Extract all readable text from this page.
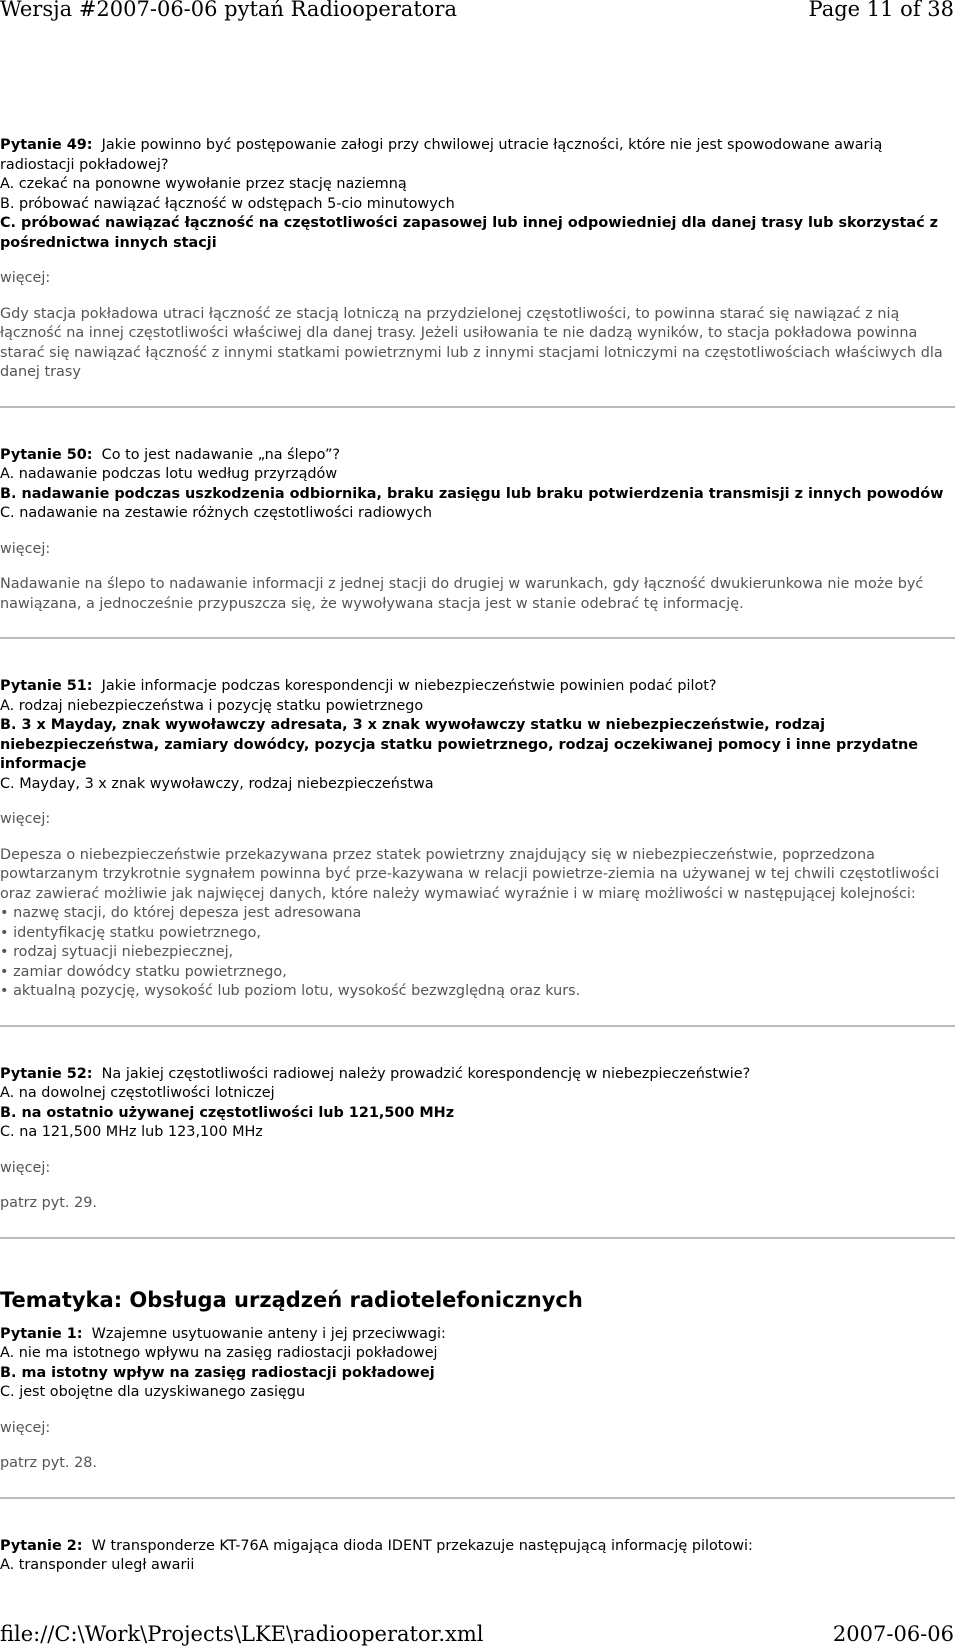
Wersja #2007-06-06 pytań Radiooperatora	Page 11 of 38
Pytanie 49: Jakie powinno być postępowanie załogi przy chwilowej utracie łączności, które nie jest spowodowane awarią radiostacji pokładowej?
A. czekać na ponowne wywołanie przez stację naziemną
B. próbować nawiązać łączność w odstępach 5-cio minutowych
C. próbować nawiązać łączność na częstotliwości zapasowej lub innej odpowiedniej dla danej trasy lub skorzystać z pośrednictwa innych stacji
więcej:

Gdy stacja pokładowa utraci łączność ze stacją lotniczą na przydzielonej częstotliwości, to powinna starać się nawiązać z nią łączność na innej częstotliwości właściwej dla danej trasy. Jeżeli usiłowania te nie dadzą wyników, to stacja pokładowa powinna starać się nawiązać łączność z innymi statkami powietrznymi lub z innymi stacjami lotniczymi na częstotliwościach właściwych dla danej trasy

Pytanie 50: Co to jest nadawanie „na ślepo”?
A. nadawanie podczas lotu według przyrządów
B. nadawanie podczas uszkodzenia odbiornika, braku zasięgu lub braku potwierdzenia transmisji z innych powodów
C. nadawanie na zestawie różnych częstotliwości radiowych
więcej:

Nadawanie na ślepo to nadawanie informacji z jednej stacji do drugiej w warunkach, gdy łączność dwukierunkowa nie może być nawiązana, a jednocześnie przypuszcza się, że wywoływana stacja jest w stanie odebrać tę informację.

Pytanie 51: Jakie informacje podczas korespondencji w niebezpieczeństwie powinien podać pilot?
A. rodzaj niebezpieczeństwa i pozycję statku powietrznego
B. 3 x Mayday, znak wywoławczy adresata, 3 x znak wywoławczy statku w niebezpieczeństwie, rodzaj niebezpieczeństwa, zamiary dowódcy, pozycja statku powietrznego, rodzaj oczekiwanej pomocy i inne przydatne informacje
C. Mayday, 3 x znak wywoławczy, rodzaj niebezpieczeństwa
więcej:

Depesza o niebezpieczeństwie przekazywana przez statek powietrzny znajdujący się w niebezpieczeństwie, poprzedzona powtarzanym trzykrotnie sygnałem powinna być prze-kazywana w relacji powietrze-ziemia na używanej w tej chwili częstotliwości oraz zawierać możliwie jak najwięcej danych, które należy wymawiać wyraźnie i w miarę możliwości w następującej kolejności:

• nazwę stacji, do której depesza jest adresowana
• identyfikację statku powietrznego,
• rodzaj sytuacji niebezpiecznej,
• zamiar dowódcy statku powietrznego,
• aktualną pozycję, wysokość lub poziom lotu, wysokość bezwzględną oraz kurs.
Pytanie 52: Na jakiej częstotliwości radiowej należy prowadzić korespondencję w niebezpieczeństwie?
A. na dowolnej częstotliwości lotniczej
B. na ostatnio używanej częstotliwości lub 121,500 MHz
C. na 121,500 MHz lub 123,100 MHz
więcej:

patrz pyt. 29.

Tematyka: Obsługa urządzeń radiotelefonicznych
Pytanie 1: Wzajemne usytuowanie anteny i jej przeciwwagi:
A. nie ma istotnego wpływu na zasięg radiostacji pokładowej
B. ma istotny wpływ na zasięg radiostacji pokładowej
C. jest obojętne dla uzyskiwanego zasięgu
więcej:

patrz pyt. 28.

Pytanie 2: W transponderze KT-76A migająca dioda IDENT przekazuje następującą informację pilotowi:
A. transponder uległ awarii
file://C:\Work\Projects\LKE\radiooperator.xml	2007-06-06
